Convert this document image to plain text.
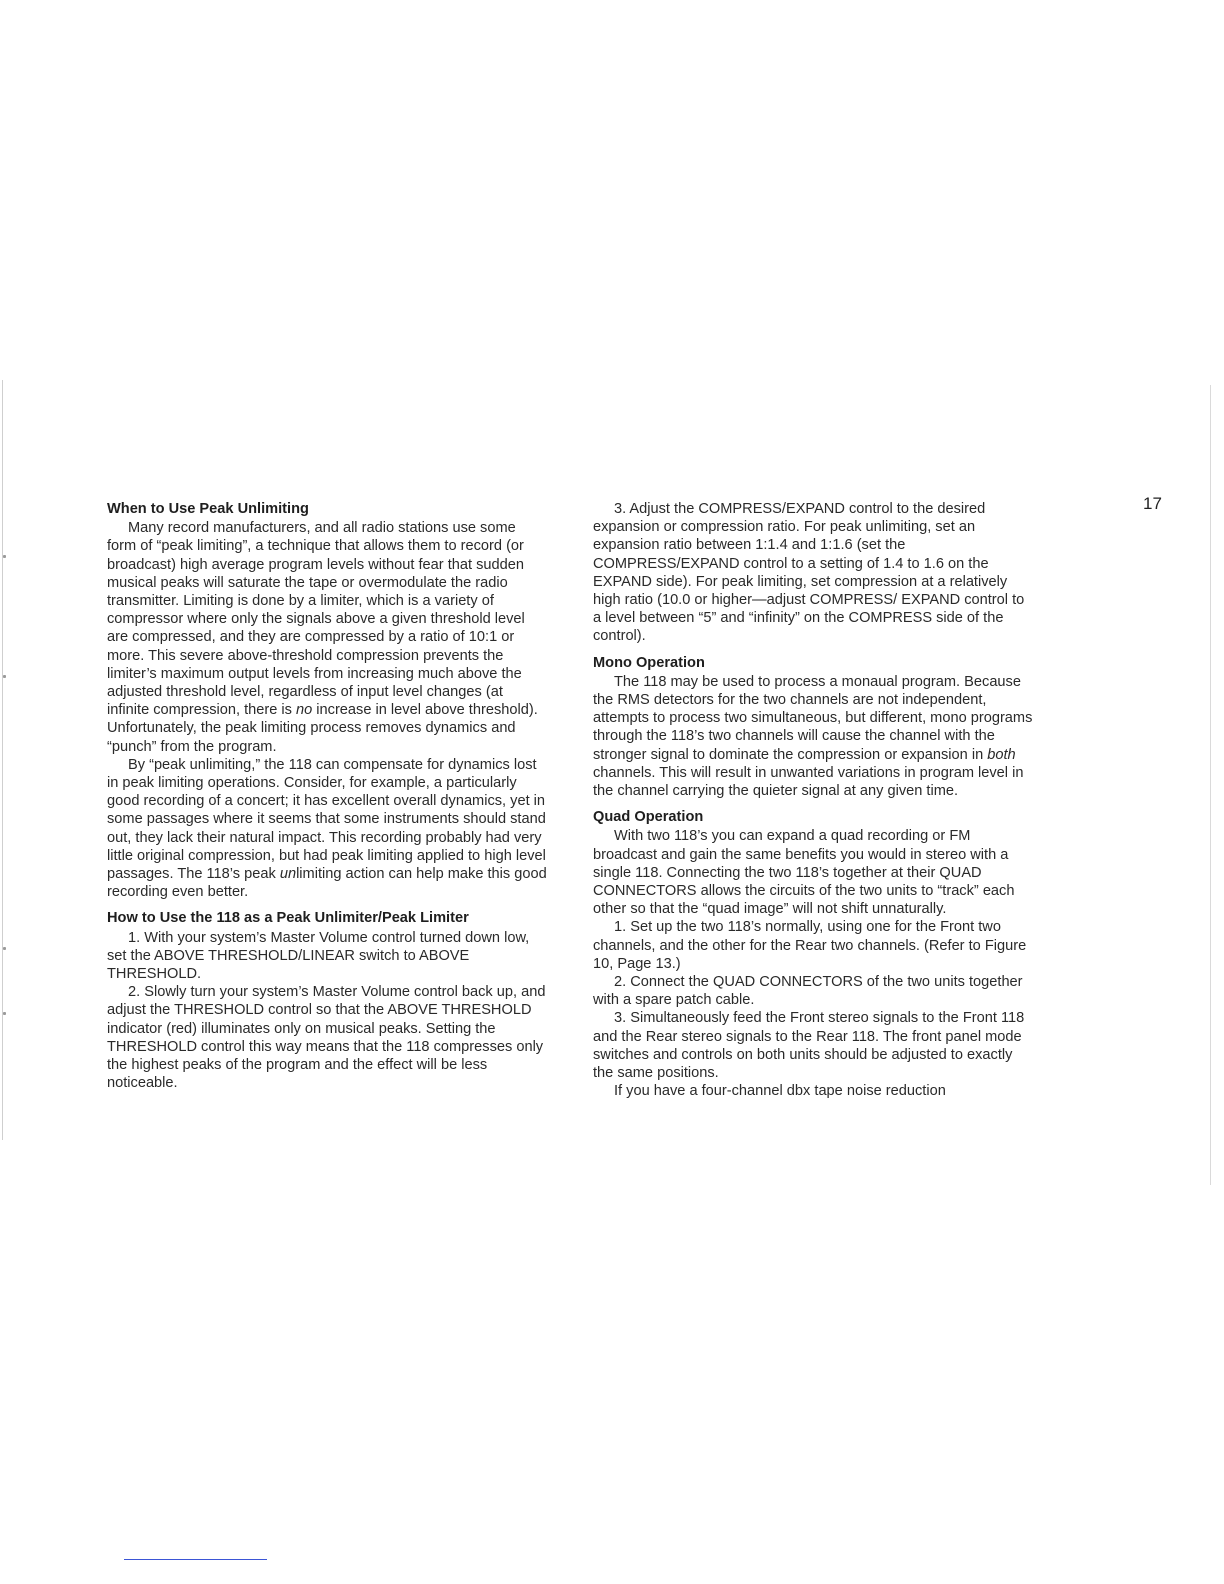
17
When to Use Peak Unlimiting

Many record manufacturers, and all radio stations use some form of “peak limiting”, a technique that allows them to record (or broadcast) high average program levels without fear that sudden musical peaks will saturate the tape or overmodulate the radio transmitter. Limiting is done by a limiter, which is a variety of compressor where only the signals above a given threshold level are compressed, and they are compressed by a ratio of 10:1 or more. This severe above-threshold compression prevents the limiter’s maximum output levels from increasing much above the adjusted threshold level, regardless of input level changes (at infinite compression, there is no increase in level above threshold). Unfortunately, the peak limiting process removes dynamics and “punch” from the program.

By “peak unlimiting,” the 118 can compensate for dynamics lost in peak limiting operations. Consider, for example, a particularly good recording of a concert; it has excellent overall dynamics, yet in some passages where it seems that some instruments should stand out, they lack their natural impact. This recording probably had very little original compression, but had peak limiting applied to high level passages. The 118’s peak unlimiting action can help make this good recording even better.

How to Use the 118 as a Peak Unlimiter/Peak Limiter

1. With your system’s Master Volume control turned down low, set the ABOVE THRESHOLD/LINEAR switch to ABOVE THRESHOLD.

2. Slowly turn your system’s Master Volume control back up, and adjust the THRESHOLD control so that the ABOVE THRESHOLD indicator (red) illuminates only on musical peaks. Setting the THRESHOLD control this way means that the 118 compresses only the highest peaks of the program and the effect will be less noticeable.

3. Adjust the COMPRESS/EXPAND control to the desired expansion or compression ratio. For peak unlimiting, set an expansion ratio between 1:1.4 and 1:1.6 (set the COMPRESS/EXPAND control to a setting of 1.4 to 1.6 on the EXPAND side). For peak limiting, set compression at a relatively high ratio (10.0 or higher—adjust COMPRESS/ EXPAND control to a level between “5” and “infinity” on the COMPRESS side of the control).

Mono Operation

The 118 may be used to process a monaual program. Because the RMS detectors for the two channels are not independent, attempts to process two simultaneous, but different, mono programs through the 118’s two channels will cause the channel with the stronger signal to dominate the compression or expansion in both channels. This will result in unwanted variations in program level in the channel carrying the quieter signal at any given time.

Quad Operation

With two 118’s you can expand a quad recording or FM broadcast and gain the same benefits you would in stereo with a single 118. Connecting the two 118’s together at their QUAD CONNECTORS allows the circuits of the two units to “track” each other so that the “quad image” will not shift unnaturally.

1. Set up the two 118’s normally, using one for the Front two channels, and the other for the Rear two channels. (Refer to Figure 10, Page 13.)

2. Connect the QUAD CONNECTORS of the two units together with a spare patch cable.

3. Simultaneously feed the Front stereo signals to the Front 118 and the Rear stereo signals to the Rear 118. The front panel mode switches and controls on both units should be adjusted to exactly the same positions.

If you have a four-channel dbx tape noise reduction
